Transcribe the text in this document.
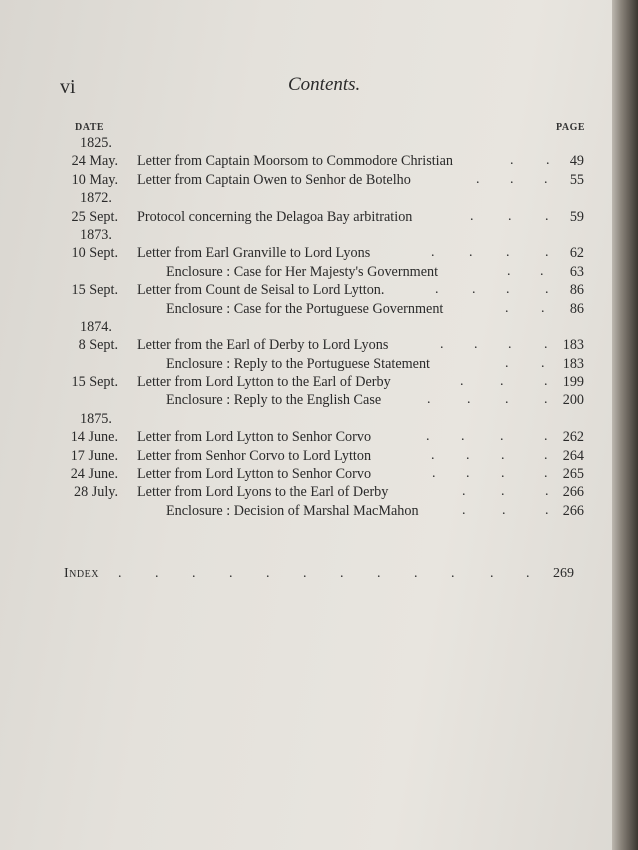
vi	Contents.
DATE	PAGE
1825.
24 May. Letter from Captain Moorsom to Commodore Christian	. .	49
10 May. Letter from Captain Owen to Senhor de Botelho	. . .	55
1872.
25 Sept. Protocol concerning the Delagoa Bay arbitration	. . .	59
1873.
10 Sept. Letter from Earl Granville to Lord Lyons	. . .	.	62
Enclosure : Case for Her Majesty's Government	. .	63
15 Sept. Letter from Count de Seisal to Lord Lytton.	. . .	.	86
Enclosure : Case for the Portuguese Government	. .	86
1874.
8 Sept. Letter from the Earl of Derby to Lord Lyons	. . . .	183
Enclosure : Reply to the Portuguese Statement	. .	183
15 Sept. Letter from Lord Lytton to the Earl of Derby	.	.	.	199
Enclosure : Reply to the English Case	.	. .	.	200
1875.
14 June. Letter from Lord Lytton to Senhor Corvo	. .	.	.	262
17 June. Letter from Senhor Corvo to Lord Lytton	. . .	.	264
24 June. Letter from Lord Lytton to Senhor Corvo	. . .	.	265
28 July. Letter from Lord Lyons to the Earl of Derby	.	.	.	266
Enclosure : Decision of Marshal MacMahon	.	.	.	266
Index	269
. . . . . . . . . .	. .
